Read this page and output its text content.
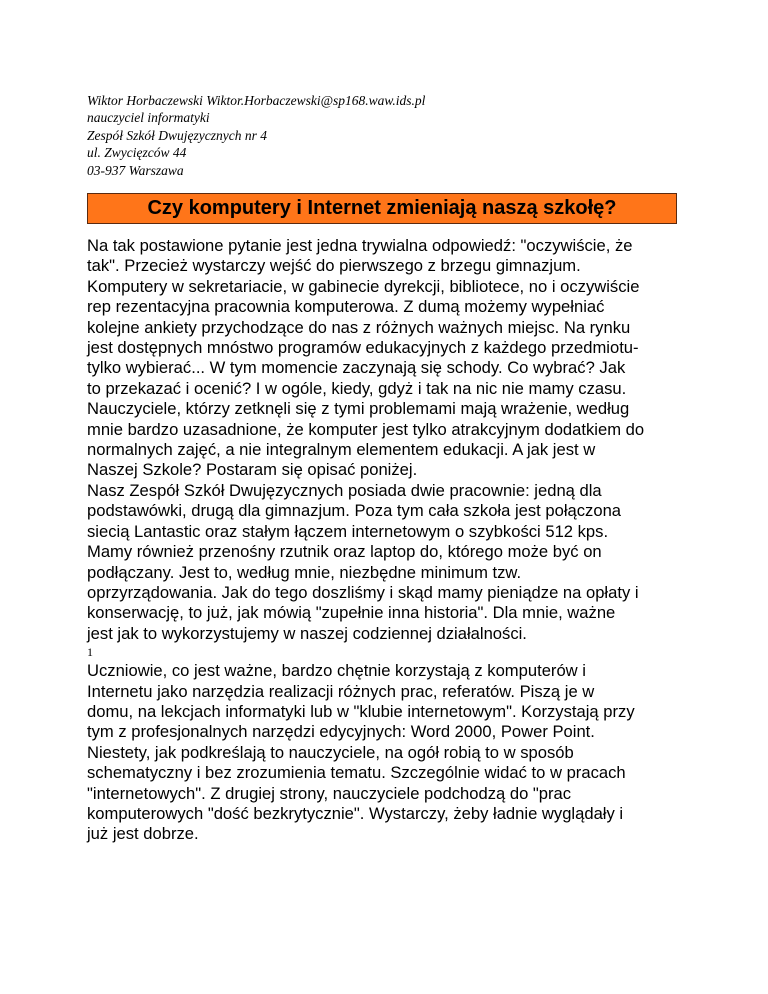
Wiktor Horbaczewski Wiktor.Horbaczewski@sp168.waw.ids.pl
nauczyciel informatyki
Zespół Szkół Dwujęzycznych nr 4
ul. Zwycięzców 44
03-937 Warszawa
Czy komputery i Internet zmieniają naszą szkołę?
Na tak postawione pytanie jest jedna trywialna odpowiedź: "oczywiście, że
tak". Przecież wystarczy wejść do pierwszego z brzegu gimnazjum.
Komputery w sekretariacie, w gabinecie dyrekcji, bibliotece, no i oczywiście
rep rezentacyjna pracownia komputerowa. Z dumą możemy wypełniać
kolejne ankiety przychodzące do nas z różnych ważnych miejsc. Na rynku
jest dostępnych mnóstwo programów edukacyjnych z każdego przedmiotu-
tylko wybierać... W tym momencie zaczynają się schody. Co wybrać? Jak
to przekazać i ocenić? I w ogóle, kiedy, gdyż i tak na nic nie mamy czasu.
Nauczyciele, którzy zetknęli się z tymi problemami mają wrażenie, według
mnie bardzo uzasadnione, że komputer jest tylko atrakcyjnym dodatkiem do
normalnych zajęć, a nie integralnym elementem edukacji. A jak jest w
Naszej Szkole? Postaram się opisać poniżej.
Nasz Zespół Szkół Dwujęzycznych posiada dwie pracownie: jedną dla
podstawówki, drugą dla gimnazjum. Poza tym cała szkoła jest połączona
siecią Lantastic oraz stałym łączem internetowym o szybkości 512 kps.
Mamy również przenośny rzutnik oraz laptop do, którego może być on
podłączany. Jest to, według mnie, niezbędne minimum tzw.
oprzyrządowania. Jak do tego doszliśmy i skąd mamy pieniądze na opłaty i
konserwację, to już, jak mówią "zupełnie inna historia". Dla mnie, ważne
jest jak to wykorzystujemy w naszej codziennej działalności.
1
Uczniowie, co jest ważne, bardzo chętnie korzystają z komputerów i
Internetu jako narzędzia realizacji różnych prac, referatów. Piszą je w
domu, na lekcjach informatyki lub w "klubie internetowym". Korzystają przy
tym z profesjonalnych narzędzi edycyjnych: Word 2000, Power Point.
Niestety, jak podkreślają to nauczyciele, na ogół robią to w sposób
schematyczny i bez zrozumienia tematu. Szczególnie widać to w pracach
"internetowych". Z drugiej strony, nauczyciele podchodzą do "prac
komputerowych "dość bezkrytycznie". Wystarczy, żeby ładnie wyglądały i
już jest dobrze.
